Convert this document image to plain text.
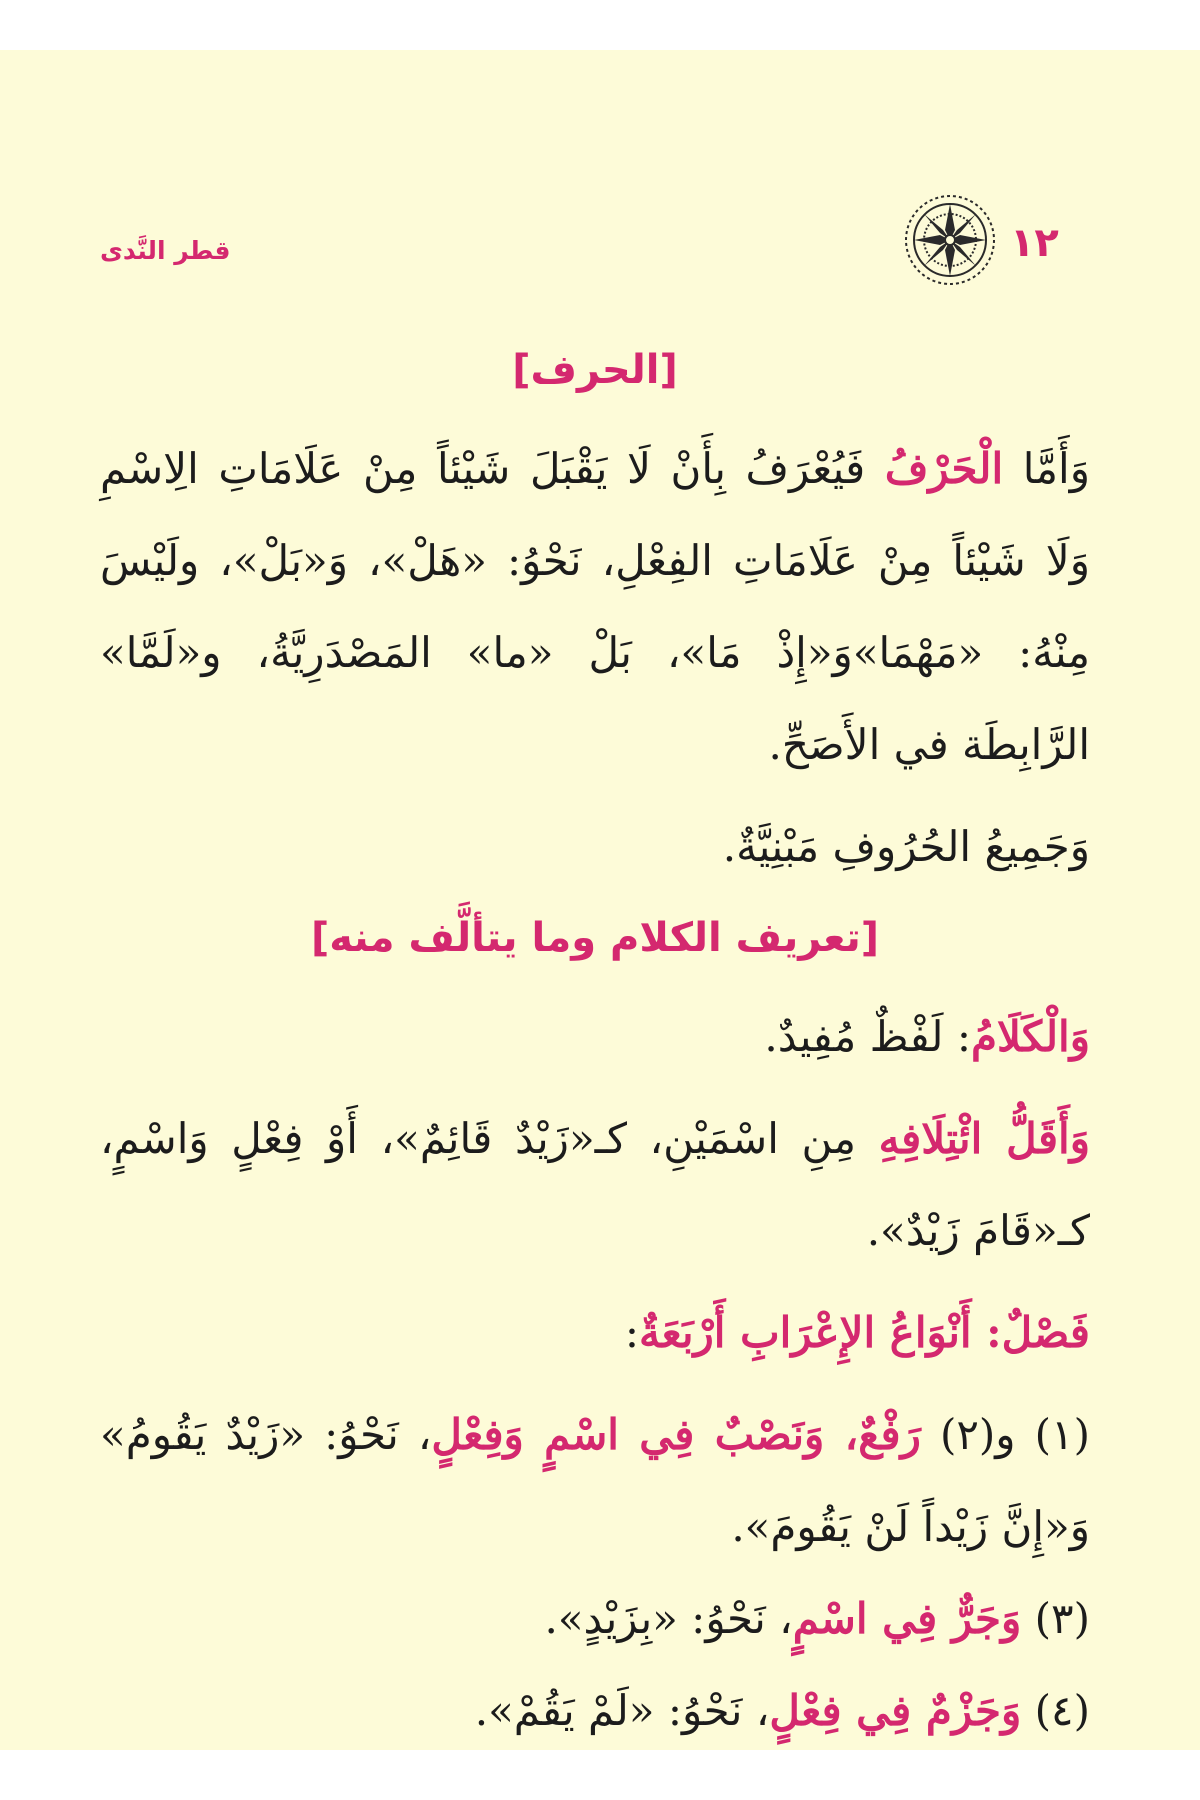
١٢
قطر النَّدى
[الحرف]

وَأَمَّا الْحَرْفُ فَيُعْرَفُ بِأَنْ لَا يَقْبَلَ شَيْئاً مِنْ عَلَامَاتِ الِاسْمِ وَلَا شَيْئاً مِنْ عَلَامَاتِ الفِعْلِ، نَحْوُ: «هَلْ»، وَ«بَلْ»، ولَيْسَ مِنْهُ: «مَهْمَا»وَ«إِذْ مَا»، بَلْ «ما» المَصْدَرِيَّةُ، و«لَمَّا» الرَّابِطَة في الأَصَحِّ.

وَجَمِيعُ الحُرُوفِ مَبْنِيَّةٌ.

[تعريف الكلام وما يتألَّف منه]

وَالْكَلَامُ: لَفْظٌ مُفِيدٌ.

وَأَقَلُّ ائْتِلَافِهِ مِنِ اسْمَيْنِ، كـ«زَيْدٌ قَائِمٌ»، أَوْ فِعْلٍ وَاسْمٍ، كـ«قَامَ زَيْدٌ».

فَصْلٌ: أَنْوَاعُ الإِعْرَابِ أَرْبَعَةٌ:

(١) و(٢) رَفْعٌ، وَنَصْبٌ فِي اسْمٍ وَفِعْلٍ، نَحْوُ: «زَيْدٌ يَقُومُ» وَ«إِنَّ زَيْداً لَنْ يَقُومَ».

(٣) وَجَرٌّ فِي اسْمٍ، نَحْوُ: «بِزَيْدٍ».

(٤) وَجَزْمٌ فِي فِعْلٍ، نَحْوُ: «لَمْ يَقُمْ».
